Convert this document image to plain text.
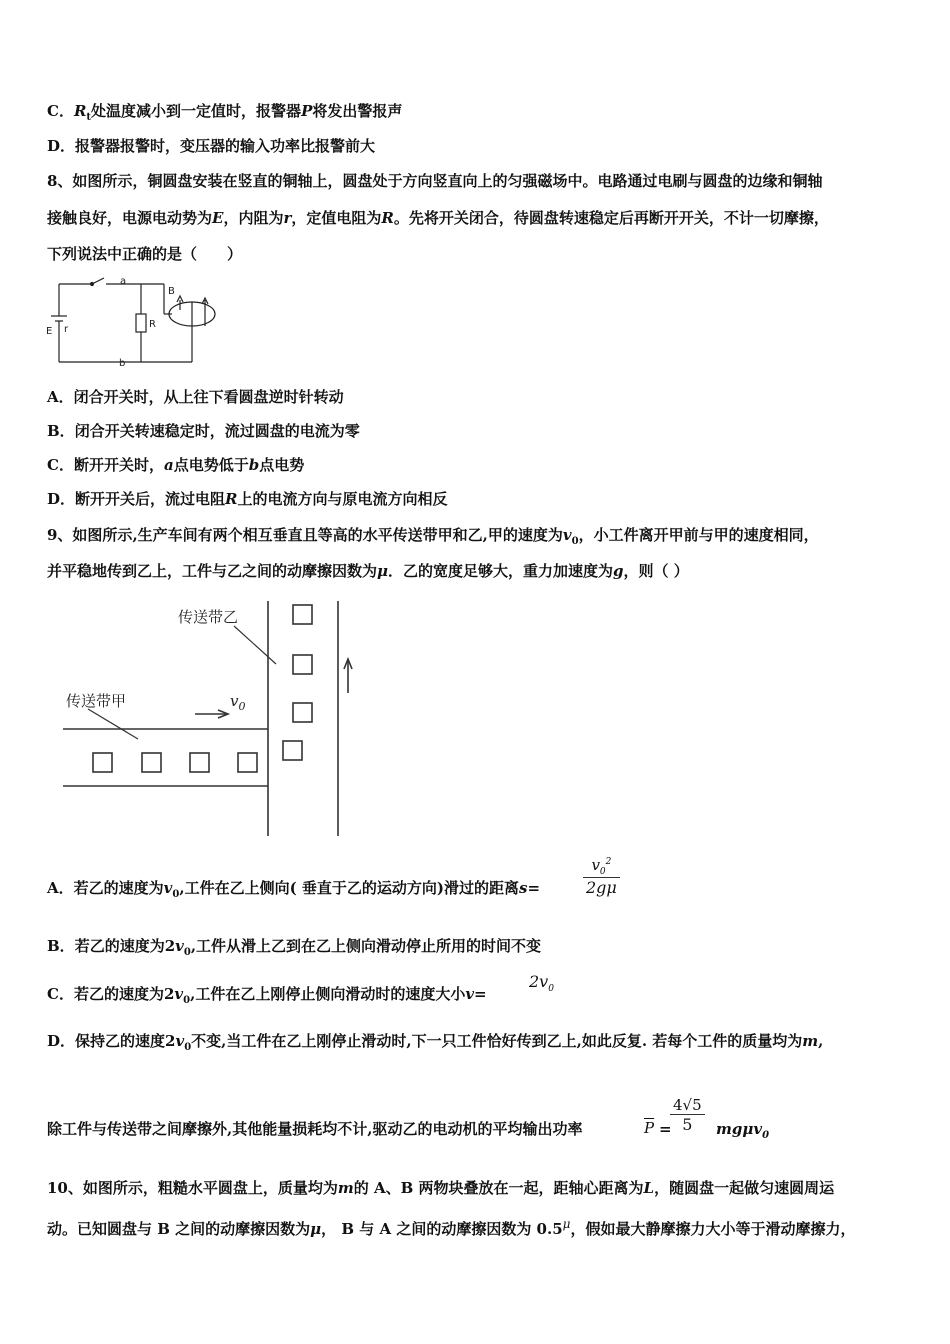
C．$R_t$处温度减小到一定值时，报警器P将发出警报声
D．报警器报警时，变压器的输入功率比报警前大
8、如图所示，铜圆盘安装在竖直的铜轴上，圆盘处于方向竖直向上的匀强磁场中。电路通过电刷与圆盘的边缘和铜轴
接触良好，电源电动势为E，内阻为r，定值电阻为R。先将开关闭合，待圆盘转速稳定后再断开开关，不计一切摩擦，
下列说法中正确的是（　　）
a
b
R
E r
B
A．闭合开关时，从上往下看圆盘逆时针转动
B．闭合开关转速稳定时，流过圆盘的电流为零
C．断开开关时，a点电势低于b点电势
D．断开开关后，流过电阻R上的电流方向与原电流方向相反
9、如图所示,生产车间有两个相互垂直且等高的水平传送带甲和乙,甲的速度为$v_0$，小工件离开甲前与甲的速度相同，
并平稳地传到乙上，工件与乙之间的动摩擦因数为μ．乙的宽度足够大，重力加速度为g，则（ ）
传送带乙
传送带甲	$v_0$
A．若乙的速度为$v_0$,工件在乙上侧向( 垂直于乙的运动方向)滑过的距离s=	$\frac{v_0^2}{2g\mu}$
B．若乙的速度为$2v_0$,工件从滑上乙到在乙上侧向滑动停止所用的时间不变
C．若乙的速度为$2v_0$,工件在乙上刚停止侧向滑动时的速度大小v=
$2v_0$
D．保持乙的速度$2v_0$不变,当工件在乙上刚停止滑动时,下一只工件恰好传到乙上,如此反复. 若每个工件的质量均为m,
除工件与传送带之间摩擦外,其他能量损耗均不计,驱动乙的电动机的平均输出功率	$\overline{P}$ =
$\frac{4√5}{5} mg\mu v_0$
10、如图所示，粗糙水平圆盘上，质量均为m的 A、B 两物块叠放在一起，距轴心距离为L，随圆盘一起做匀速圆周运
动。已知圆盘与 B 之间的动摩擦因数为μ， B 与 A 之间的动摩擦因数为 $0.5^\mu$，假如最大静摩擦力大小等于滑动摩擦力，
